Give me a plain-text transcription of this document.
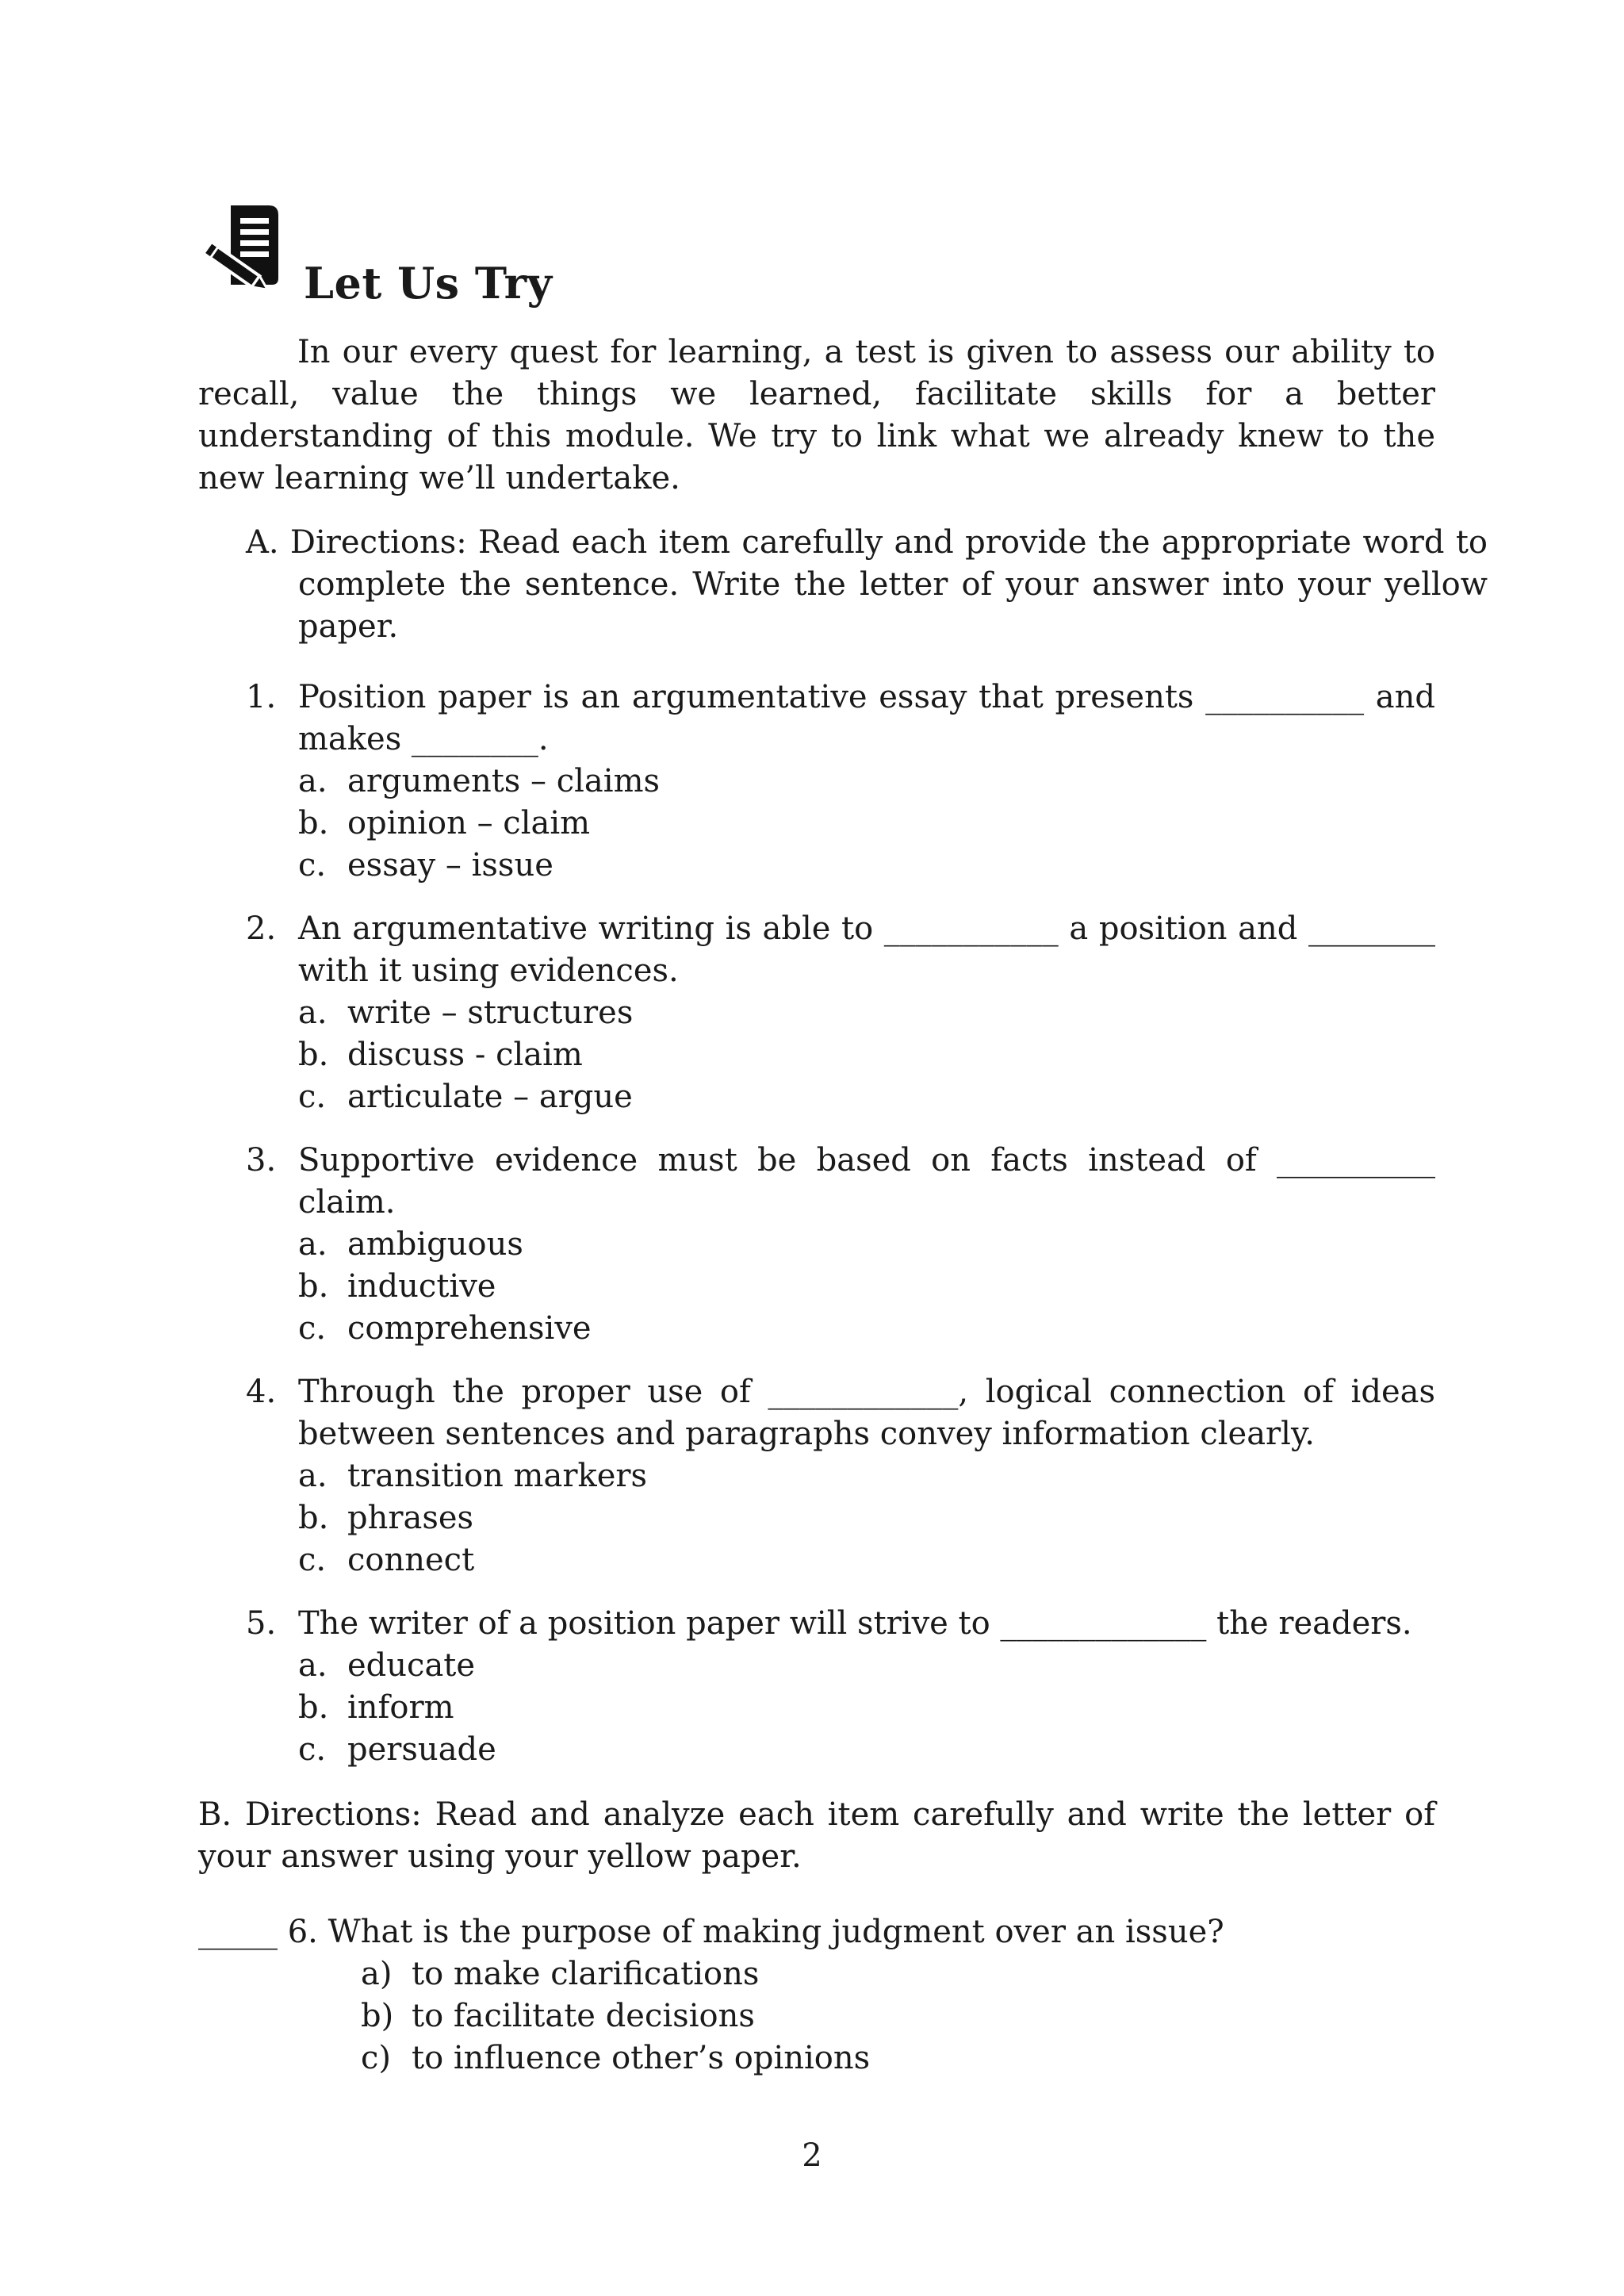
Let Us Try

In our every quest for learning, a test is given to assess our ability to recall, value the things we learned, facilitate skills for a better understanding of this module. We try to link what we already knew to the new learning we’ll undertake.

A. Directions: Read each item carefully and provide the appropriate word to complete the sentence. Write the letter of your answer into your yellow paper.

1. Position paper is an argumentative essay that presents __________ and makes ________.

a. arguments – claims
b. opinion – claim
c. essay – issue

2. An argumentative writing is able to ___________ a position and ________ with it using evidences.

a. write – structures
b. discuss - claim
c. articulate – argue

3. Supportive evidence must be based on facts instead of __________ claim.

a. ambiguous
b. inductive
c. comprehensive

4. Through the proper use of ____________, logical connection of ideas between sentences and paragraphs convey information clearly.

a. transition markers
b. phrases
c. connect

5. The writer of a position paper will strive to _____________ the readers.

a. educate
b. inform
c. persuade

B. Directions: Read and analyze each item carefully and write the letter of your answer using your yellow paper.

_____ 6. What is the purpose of making judgment over an issue?

a) to make clarifications
b) to facilitate decisions
c) to influence other’s opinions
2
